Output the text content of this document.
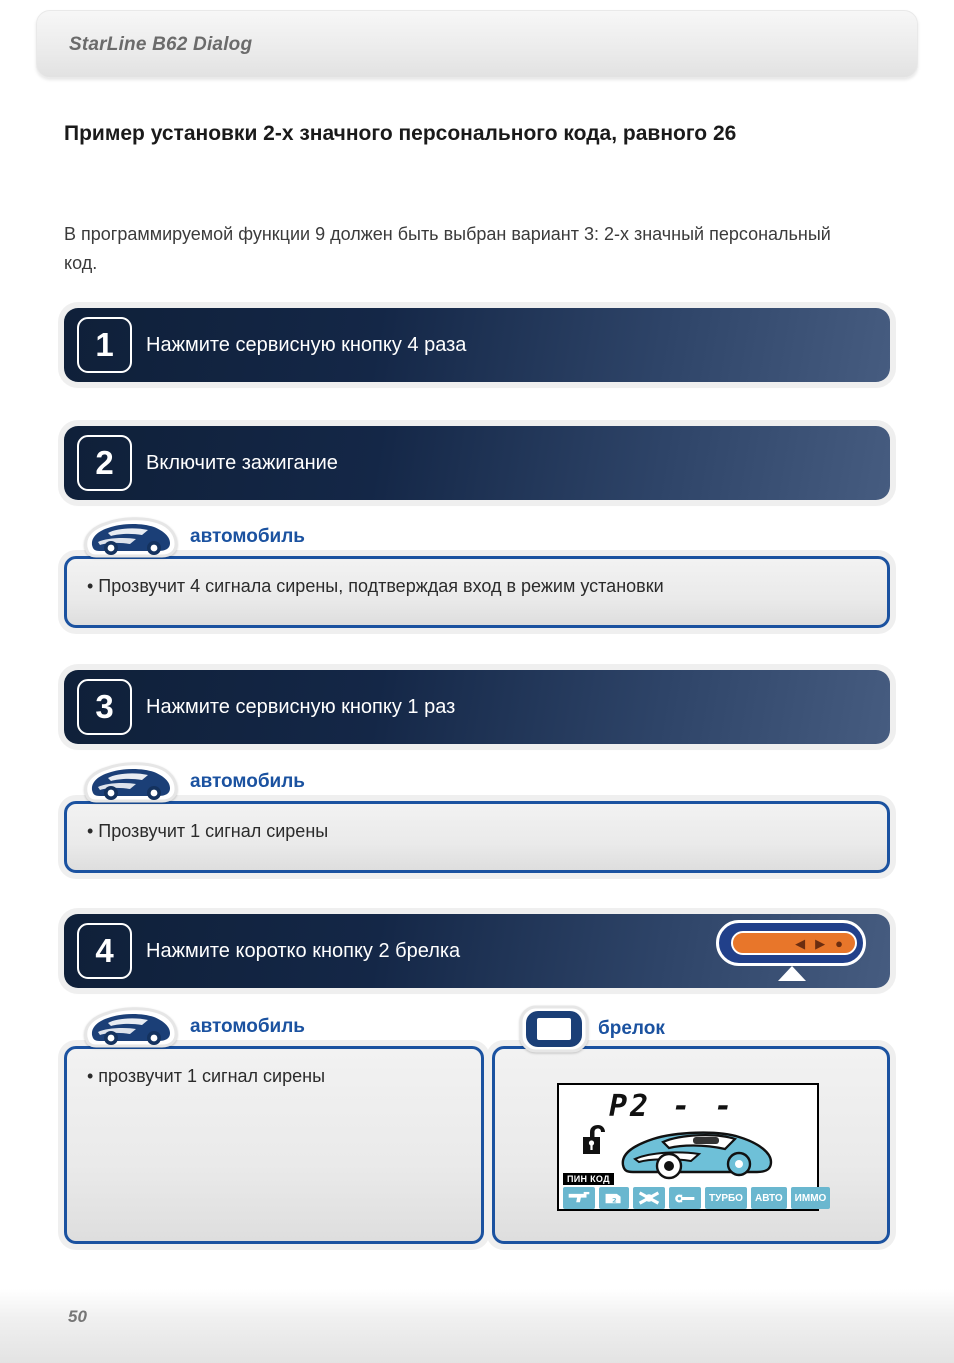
StarLine B62 Dialog
Пример установки 2-х значного персонального кода, равного 26
В программируемой функции 9 должен быть выбран вариант 3: 2-х значный персональный код.
1	Нажмите сервисную кнопку 4 раза
2	Включите зажигание
автомобиль
• Прозвучит 4 сигнала сирены, подтверждая вход в режим установки
3	Нажмите сервисную кнопку 1 раз
автомобиль
• Прозвучит 1 сигнал сирены
4	Нажмите коротко кнопку 2 брелка	◀ ▶ ●
автомобиль
• прозвучит 1 сигнал сирены
брелок
P2 - -
ПИН КОД
2	ТУРБО	АВТО	ИММО
50
